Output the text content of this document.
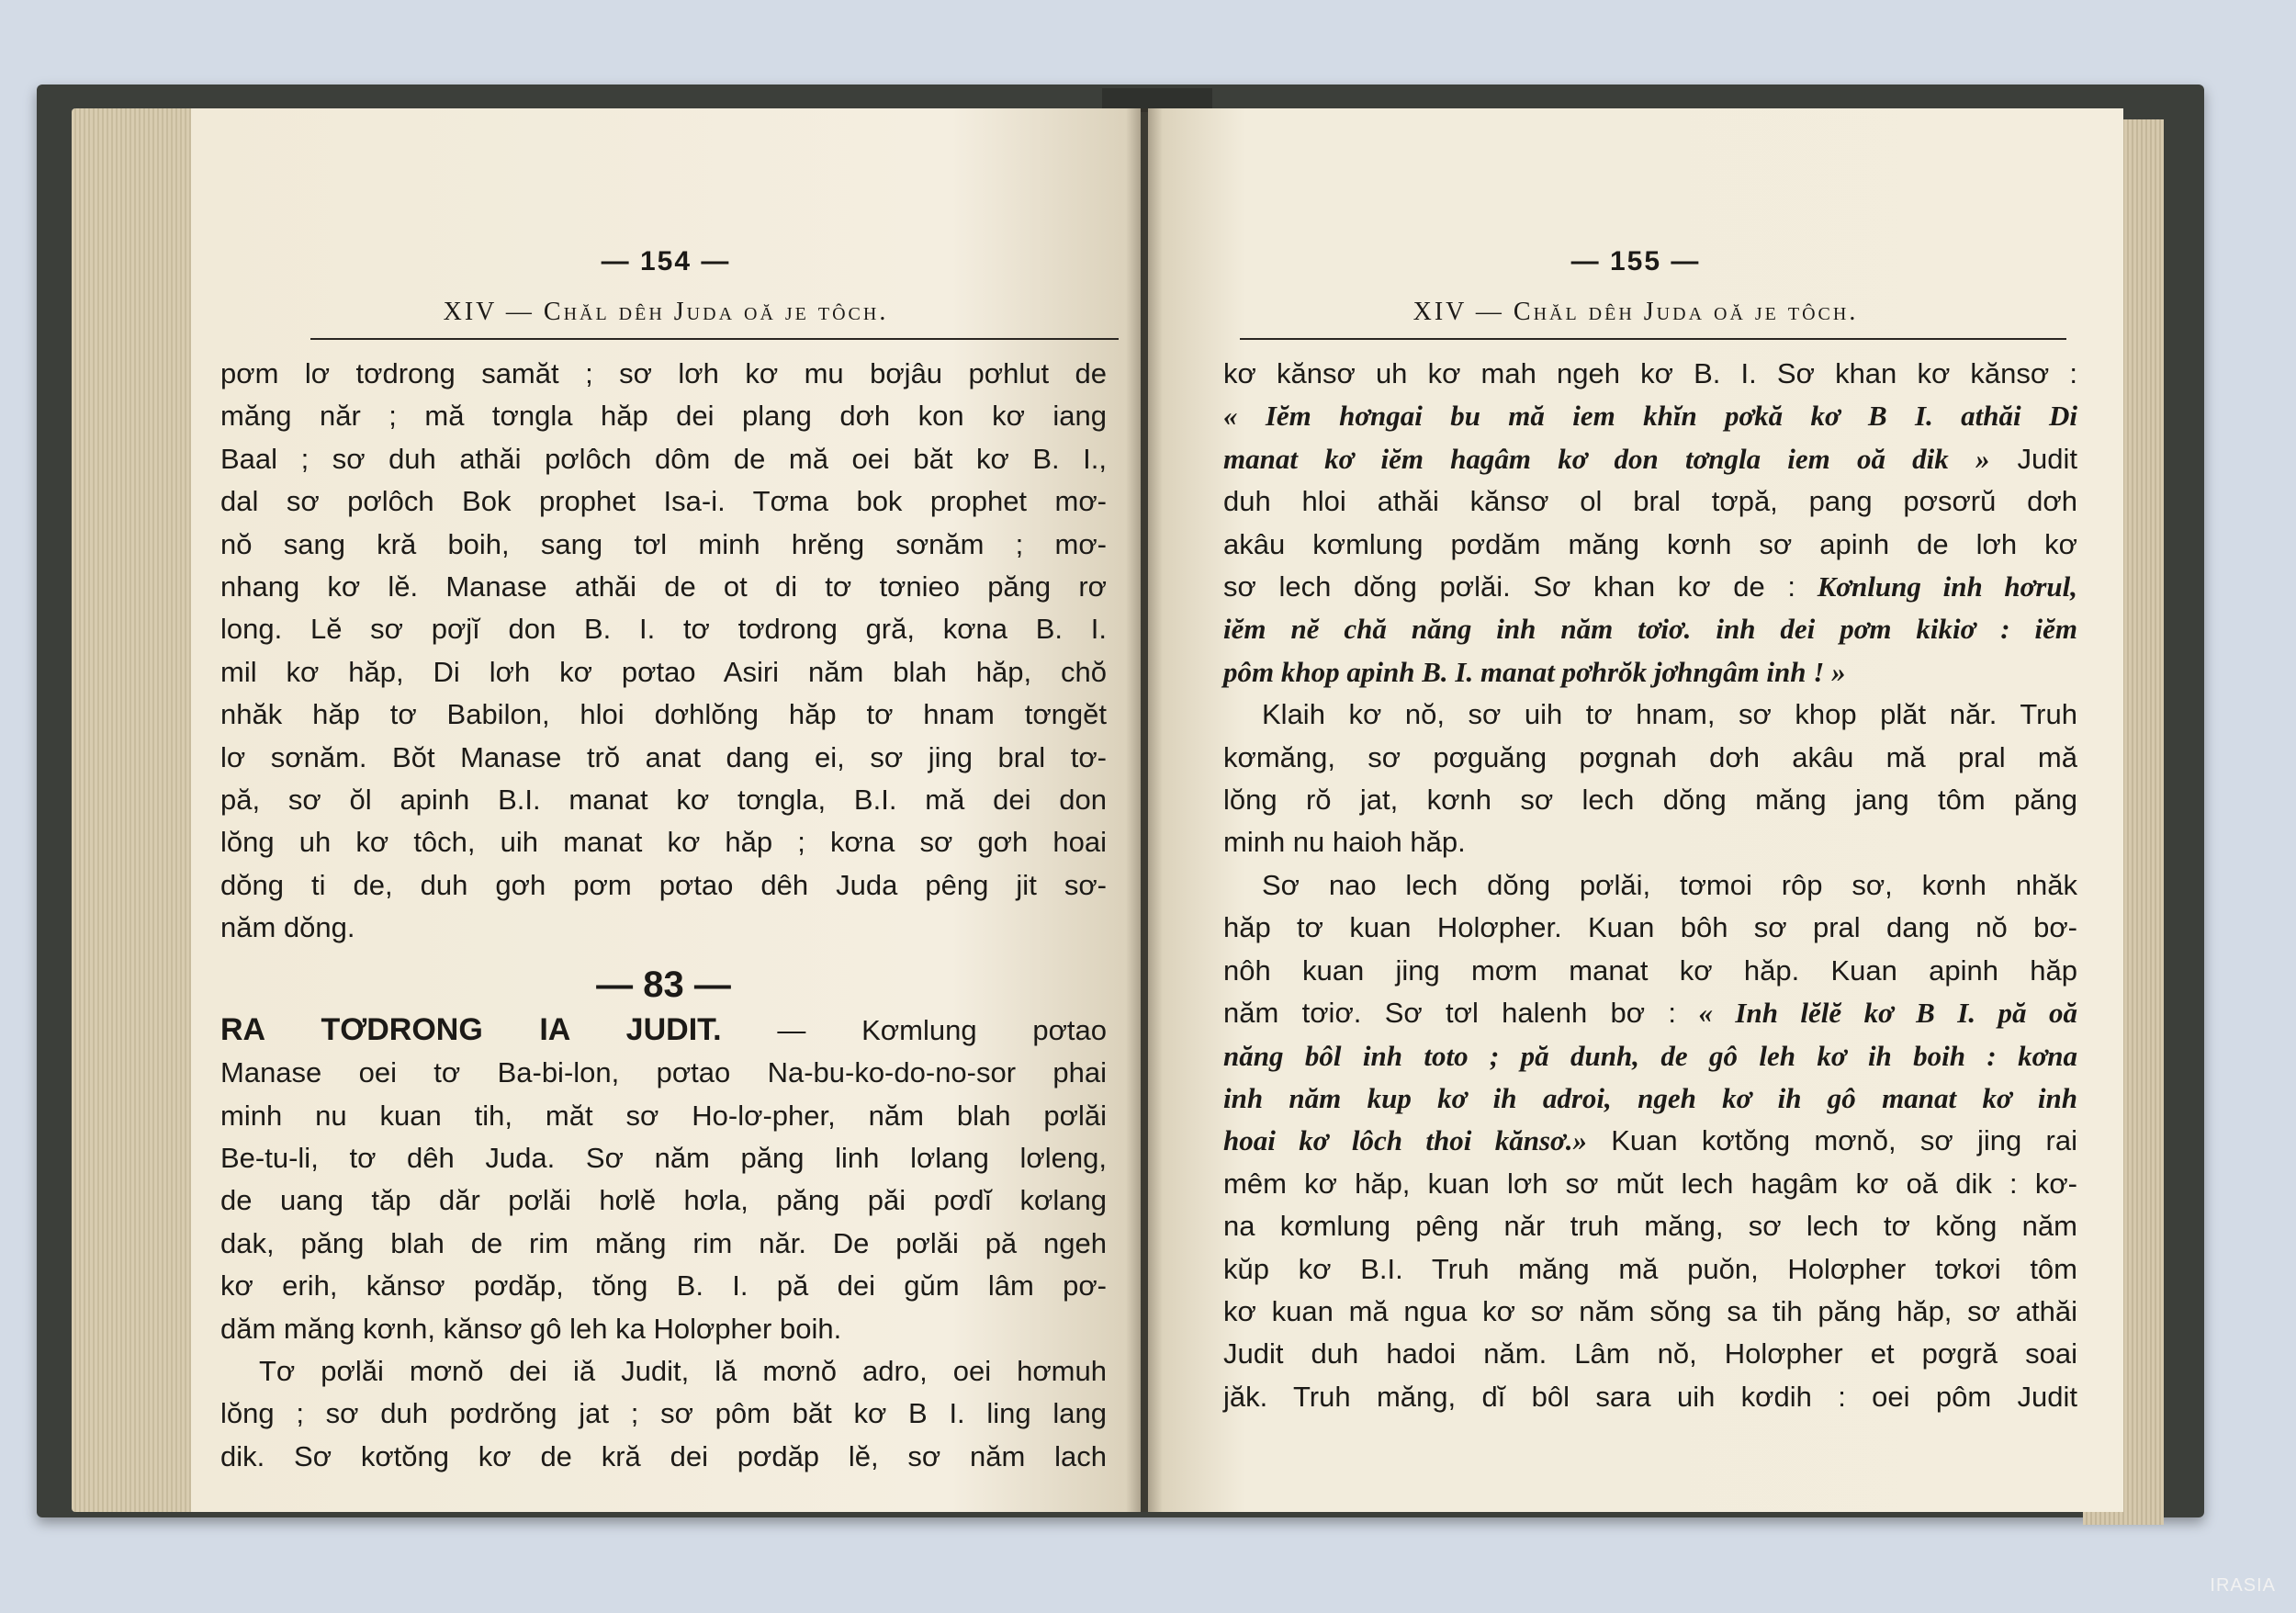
— 154 —
XIV — Chăl dêh Juda oă je tôch.
pơm lơ tơdrong samăt ; sơ lơh kơ mu bơjâu pơhlut de
măng năr ; mă tơngla hăp dei plang dơh kon kơ iang
Baal ; sơ duh athăi pơlôch dôm de mă oei băt kơ B. I.,
dal sơ pơlôch Bok prophet Isa-i. Tơma bok prophet mơ-
nŏ sang kră boih, sang tơl minh hrĕng sơnăm ; mơ-
nhang kơ lĕ. Manase athăi de ot di tơ tơnieo păng rơ
long. Lĕ sơ pơjĭ don B. I. tơ tơdrong gră, kơna B. I.
mil kơ hăp, Di lơh kơ pơtao Asiri năm blah hăp, chŏ
nhăk hăp tơ Babilon, hloi dơhlŏng hăp tơ hnam tơngĕt
lơ sơnăm. Bŏt Manase trŏ anat dang ei, sơ jing bral tơ-
pă, sơ ŏl apinh B.I. manat kơ tơngla, B.I. mă dei don
lŏng uh kơ tôch, uih manat kơ hăp ; kơna sơ gơh hoai
dŏng ti de, duh gơh pơm pơtao dêh Juda pêng jit sơ-
năm dŏng.
— 83 —
RA TƠDRONG IA JUDIT. — Kơmlung pơtao
Manase oei tơ Ba-bi-lon, pơtao Na-bu-ko-do-no-sor phai
minh nu kuan tih, măt sơ Ho-lơ-pher, năm blah pơlăi
Be-tu-li, tơ dêh Juda. Sơ năm păng linh lơlang lơleng,
de uang tăp dăr pơlăi hơlĕ hơla, păng păi pơdĭ kơlang
dak, păng blah de rim măng rim năr. De pơlăi pă ngeh
kơ erih, kănsơ pơdăp, tŏng B. I. pă dei gŭm lâm pơ-
dăm măng kơnh, kănsơ gô leh ka Holơpher boih.
Tơ pơlăi mơnŏ dei iă Judit, lă mơnŏ adro, oei hơmuh
lŏng ; sơ duh pơdrŏng jat ; sơ pôm băt kơ B I. ling lang
dik. Sơ kơtŏng kơ de kră dei pơdăp lĕ, sơ năm lach
— 155 —
XIV — Chăl dêh Juda oă je tôch.
kơ kănsơ uh kơ mah ngeh kơ B. I. Sơ khan kơ kănsơ :
« Iĕm hơngai bu mă iem khĭn pơkă kơ B I. athăi Di
manat kơ iĕm hagâm kơ don tơngla iem oă dik » Judit
duh hloi athăi kănsơ ol bral tơpă, pang pơsơrŭ dơh
akâu kơmlung pơdăm măng kơnh sơ apinh de lơh kơ
sơ lech dŏng pơlăi. Sơ khan kơ de : Kơnlung inh hơrul,
iĕm nĕ chă năng inh năm tơiơ. inh dei pơm kikiơ : iĕm
pôm khop apinh B. I. manat pơhrŏk jơhngâm inh ! »
Klaih kơ nŏ, sơ uih tơ hnam, sơ khop plăt năr. Truh
kơmăng, sơ pơguăng pơgnah dơh akâu mă pral mă
lŏng rŏ jat, kơnh sơ lech dŏng măng jang tôm păng
minh nu haioh hăp.
Sơ nao lech dŏng pơlăi, tơmoi rôp sơ, kơnh nhăk
hăp tơ kuan Holơpher. Kuan bôh sơ pral dang nŏ bơ-
nôh kuan jing mơm manat kơ hăp. Kuan apinh hăp
năm tơiơ. Sơ tơl halenh bơ : « Inh lĕlĕ kơ B I. pă oă
năng bôl inh toto ; pă dunh, de gô leh kơ ih boih : kơna
inh năm kup kơ ih adroi, ngeh kơ ih gô manat kơ inh
hoai kơ lôch thoi kănsơ.» Kuan kơtŏng mơnŏ, sơ jing rai
mêm kơ hăp, kuan lơh sơ mŭt lech hagâm kơ oă dik : kơ-
na kơmlung pêng năr truh măng, sơ lech tơ kŏng năm
kŭp kơ B.I. Truh măng mă puŏn, Holơpher tơkơi tôm
kơ kuan mă ngua kơ sơ năm sŏng sa tih păng hăp, sơ athăi
Judit duh hadoi năm. Lâm nŏ, Holơpher et pơgră soai
jăk. Truh măng, dĭ bôl sara uih kơdih : oei pôm Judit
IRASIA
